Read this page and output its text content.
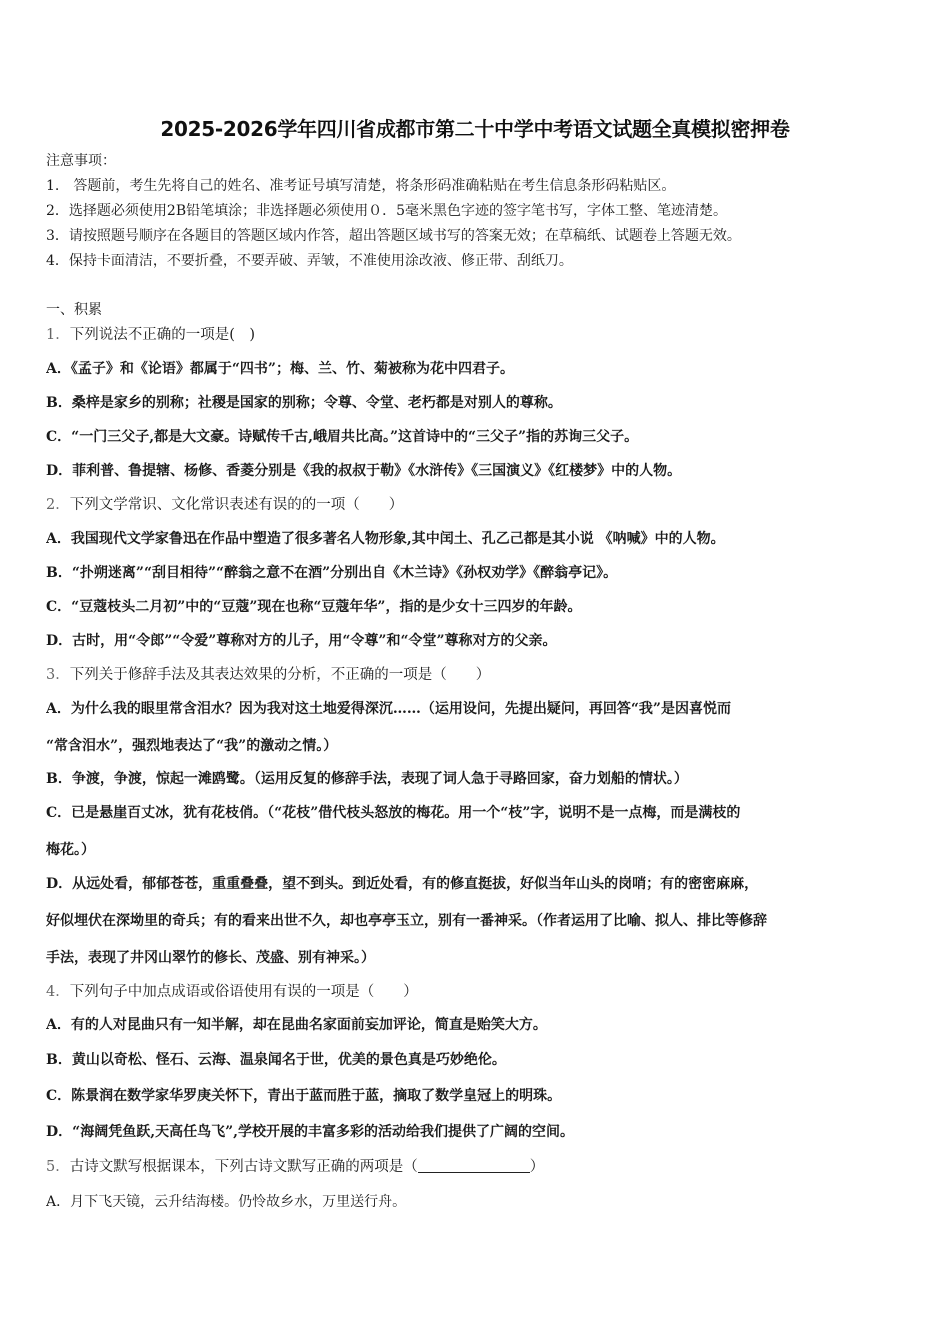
2025-2026学年四川省成都市第二十中学中考语文试题全真模拟密押卷
注意事项：
1.　答题前，考生先将自己的姓名、准考证号填写清楚，将条形码准确粘贴在考生信息条形码粘贴区。
2．选择题必须使用2B铅笔填涂；非选择题必须使用０．5毫米黑色字迹的签字笔书写，字体工整、笔迹清楚。
3．请按照题号顺序在各题目的答题区域内作答，超出答题区域书写的答案无效；在草稿纸、试题卷上答题无效。
4．保持卡面清洁，不要折叠，不要弄破、弄皱，不准使用涂改液、修正带、刮纸刀。
一、积累
1．下列说法不正确的一项是(　)
A．《孟子》和《论语》都属于“四书”；梅、兰、竹、菊被称为花中四君子。
B．桑梓是家乡的别称；社稷是国家的别称；令尊、令堂、老朽都是对别人的尊称。
C．“一门三父子,都是大文豪。诗赋传千古,峨眉共比高。”这首诗中的“三父子”指的苏询三父子。
D．菲利普、鲁提辖、杨修、香菱分别是《我的叔叔于勒》《水浒传》《三国演义》《红楼梦》中的人物。
2．下列文学常识、文化常识表述有误的的一项（　　）
A．我国现代文学家鲁迅在作品中塑造了很多著名人物形象,其中闰土、孔乙己都是其小说 《呐喊》中的人物。
B．“扑朔迷离”“刮目相待”“醉翁之意不在酒”分别出自《木兰诗》《孙权劝学》《醉翁亭记》。
C．“豆蔻枝头二月初”中的“豆蔻”现在也称“豆蔻年华”，指的是少女十三四岁的年龄。
D．古时，用“令郎”“令爱”尊称对方的儿子，用“令尊”和“令堂”尊称对方的父亲。
3．下列关于修辞手法及其表达效果的分析，不正确的一项是（　　）
A．为什么我的眼里常含泪水？因为我对这土地爱得深沉……（运用设问，先提出疑问，再回答“我”是因喜悦而
“常含泪水”，强烈地表达了“我”的激动之情。）
B．争渡，争渡，惊起一滩鸥鹭。（运用反复的修辞手法，表现了词人急于寻路回家，奋力划船的情状。）
C．已是悬崖百丈冰，犹有花枝俏。（“花枝”借代枝头怒放的梅花。用一个“枝”字，说明不是一点梅，而是满枝的
梅花。）
D．从远处看，郁郁苍苍，重重叠叠，望不到头。到近处看，有的修直挺拔，好似当年山头的岗哨；有的密密麻麻，
好似埋伏在深坳里的奇兵；有的看来出世不久，却也亭亭玉立，别有一番神采。（作者运用了比喻、拟人、排比等修辞
手法，表现了井冈山翠竹的修长、茂盛、别有神采。）
4．下列句子中加点成语或俗语使用有误的一项是（　　）
A．有的人对昆曲只有一知半解，却在昆曲名家面前妄加评论，简直是贻笑大方。
B．黄山以奇松、怪石、云海、温泉闻名于世，优美的景色真是巧妙绝伦。
C．陈景润在数学家华罗庚关怀下，青出于蓝而胜于蓝，摘取了数学皇冠上的明珠。
D．“海阔凭鱼跃,天高任鸟飞”,学校开展的丰富多彩的活动给我们提供了广阔的空间。
5．古诗文默写根据课本，下列古诗文默写正确的两项是（	）
A．月下飞天镜，云升结海楼。仍怜故乡水，万里送行舟。
